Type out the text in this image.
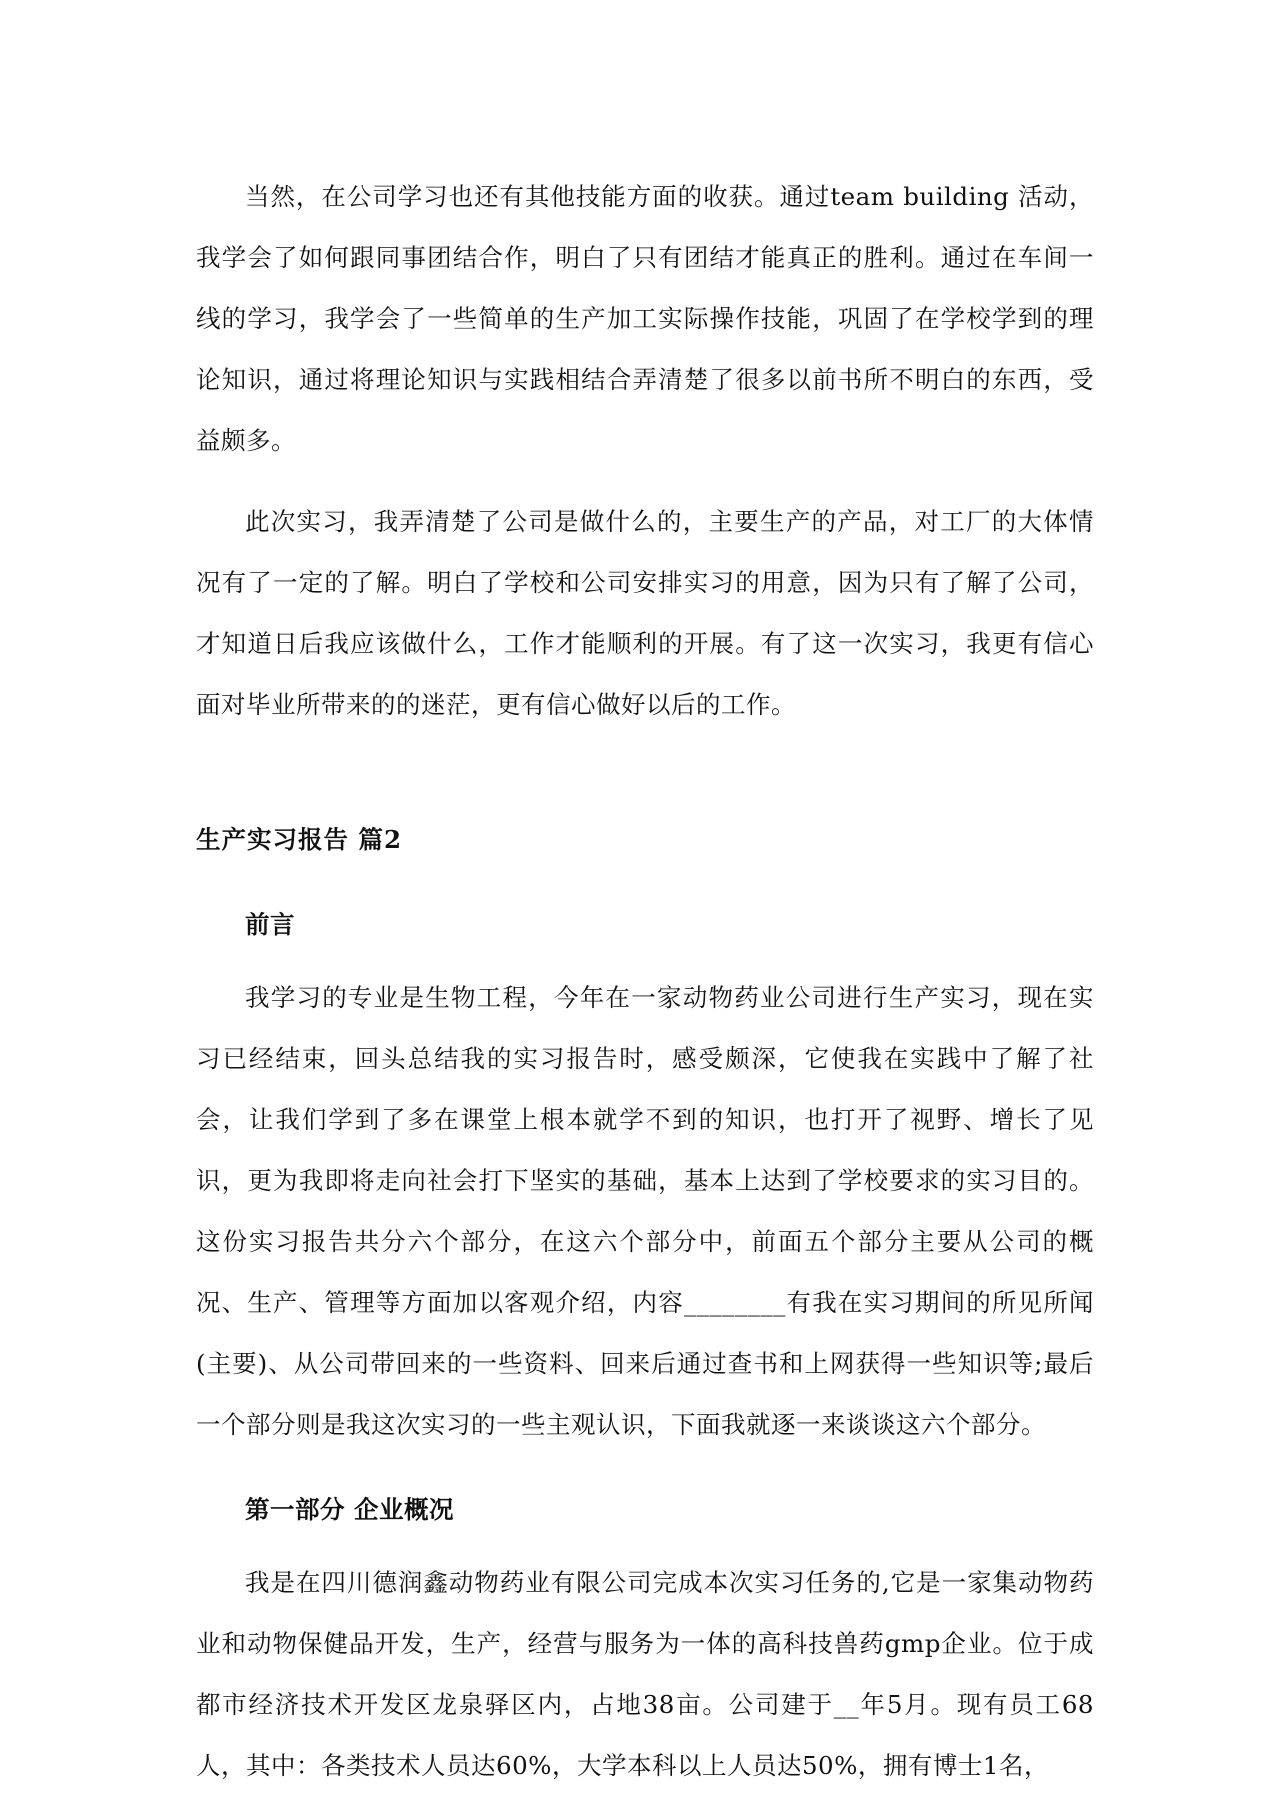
当然，在公司学习也还有其他技能方面的收获。通过team building 活动，我学会了如何跟同事团结合作，明白了只有团结才能真正的胜利。通过在车间一线的学习，我学会了一些简单的生产加工实际操作技能，巩固了在学校学到的理论知识，通过将理论知识与实践相结合弄清楚了很多以前书所不明白的东西，受益颇多。

此次实习，我弄清楚了公司是做什么的，主要生产的产品，对工厂的大体情况有了一定的了解。明白了学校和公司安排实习的用意，因为只有了解了公司，才知道日后我应该做什么，工作才能顺利的开展。有了这一次实习，我更有信心面对毕业所带来的的迷茫，更有信心做好以后的工作。

生产实习报告 篇2
前言

我学习的专业是生物工程，今年在一家动物药业公司进行生产实习，现在实习已经结束，回头总结我的实习报告时，感受颇深，它使我在实践中了解了社会，让我们学到了多在课堂上根本就学不到的知识，也打开了视野、增长了见识，更为我即将走向社会打下坚实的基础，基本上达到了学校要求的实习目的。这份实习报告共分六个部分，在这六个部分中，前面五个部分主要从公司的概况、生产、管理等方面加以客观介绍，内容________有我在实习期间的所见所闻(主要)、从公司带回来的一些资料、回来后通过查书和上网获得一些知识等;最后一个部分则是我这次实习的一些主观认识，下面我就逐一来谈谈这六个部分。

第一部分 企业概况

我是在四川德润鑫动物药业有限公司完成本次实习任务的,它是一家集动物药业和动物保健品开发，生产，经营与服务为一体的高科技兽药gmp企业。位于成都市经济技术开发区龙泉驿区内，占地38亩。公司建于__年5月。现有员工68人，其中：各类技术人员达60%，大学本科以上人员达50%，拥有博士1名，
